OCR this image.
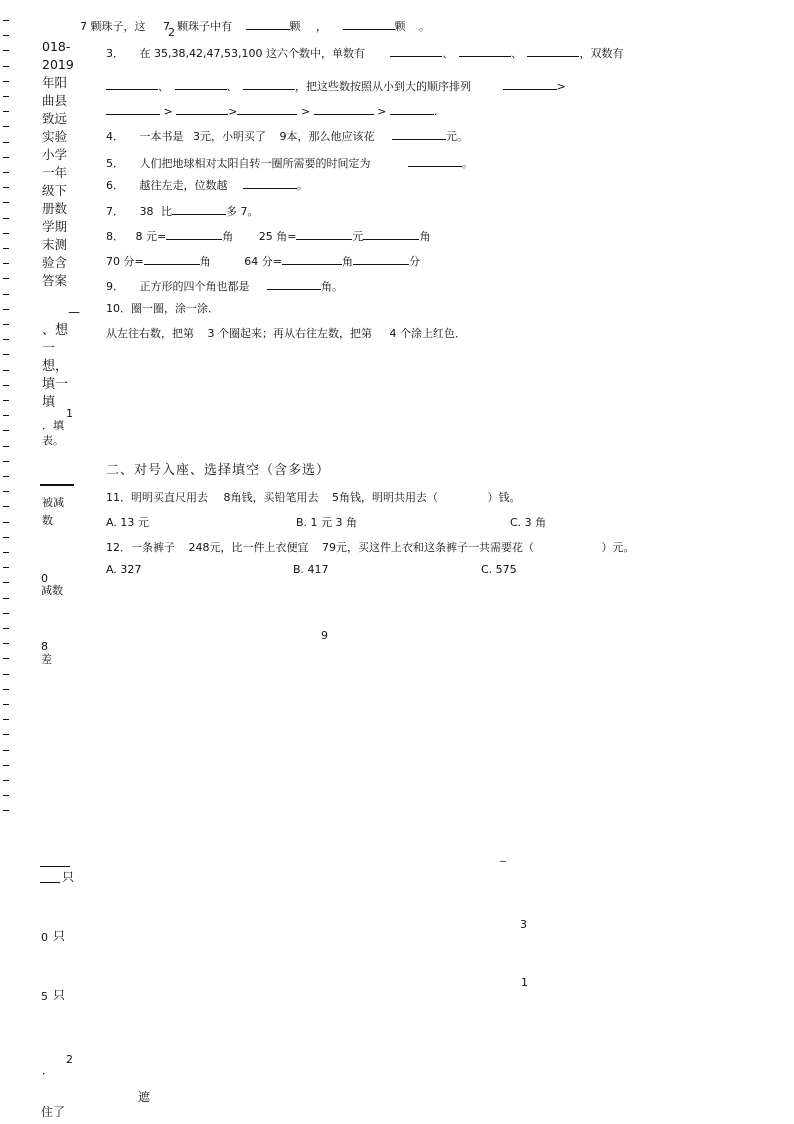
018-2019年阳曲县致远实验小学一年级下册数学期末测验含答案
—
、想一想，填一填
1
．填表。
被减数
0
减数
8
差
只
0 只
5 只
2
．
遮
住了
7 颗珠子，这 72 颗珠子中有	颗 ，	颗 。
3． 在 35,38,42,47,53,100 这六个数中，单数有	、	、	，双数有
、	、	，把这些数按照从小到大的顺序排列	>
>	>	>	>	.
4． 一本书是 3元，小明买了 9本，那么他应该花	元。
5． 人们把地球相对太阳自转一圈所需要的时间定为	。
6． 越往左走，位数越	。
7． 38 比	多 7。
8． 8 元=	角 25 角=	元	角
70 分=	角	64 分=	角	分
9． 正方形的四个角也都是	角。
10．圈一圈，涂一涂．
从左往右数，把第 3 个圈起来；再从右往左数，把第 4 个涂上红色．
二、对号入座、选择填空（含多选）
11．明明买直尺用去 8角钱，买铅笔用去 5角钱，明明共用去（	）钱。
A. 13 元	B. 1 元 3 角	C. 3 角
12．一条裤子 248元，比一件上衣便宜 79元，买这件上衣和这条裤子一共需要花（	）元。
A. 327	B. 417	C. 575
9
_
3
1
